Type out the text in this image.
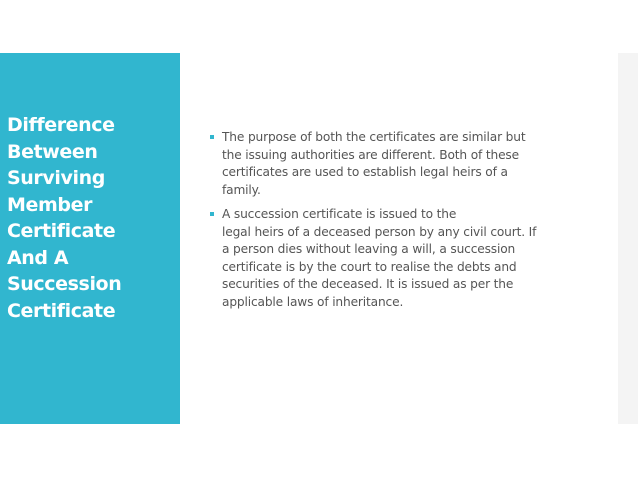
Difference
Between
Surviving
Member
Certificate
And A
Succession
Certificate
The purpose of both the certificates are similar but
the issuing authorities are different. Both of these
certificates are used to establish legal heirs of a
family.
A succession certificate is issued to the
legal heirs of a deceased person by any civil court. If
a person dies without leaving a will, a succession
certificate is by the court to realise the debts and
securities of the deceased. It is issued as per the
applicable laws of inheritance.
